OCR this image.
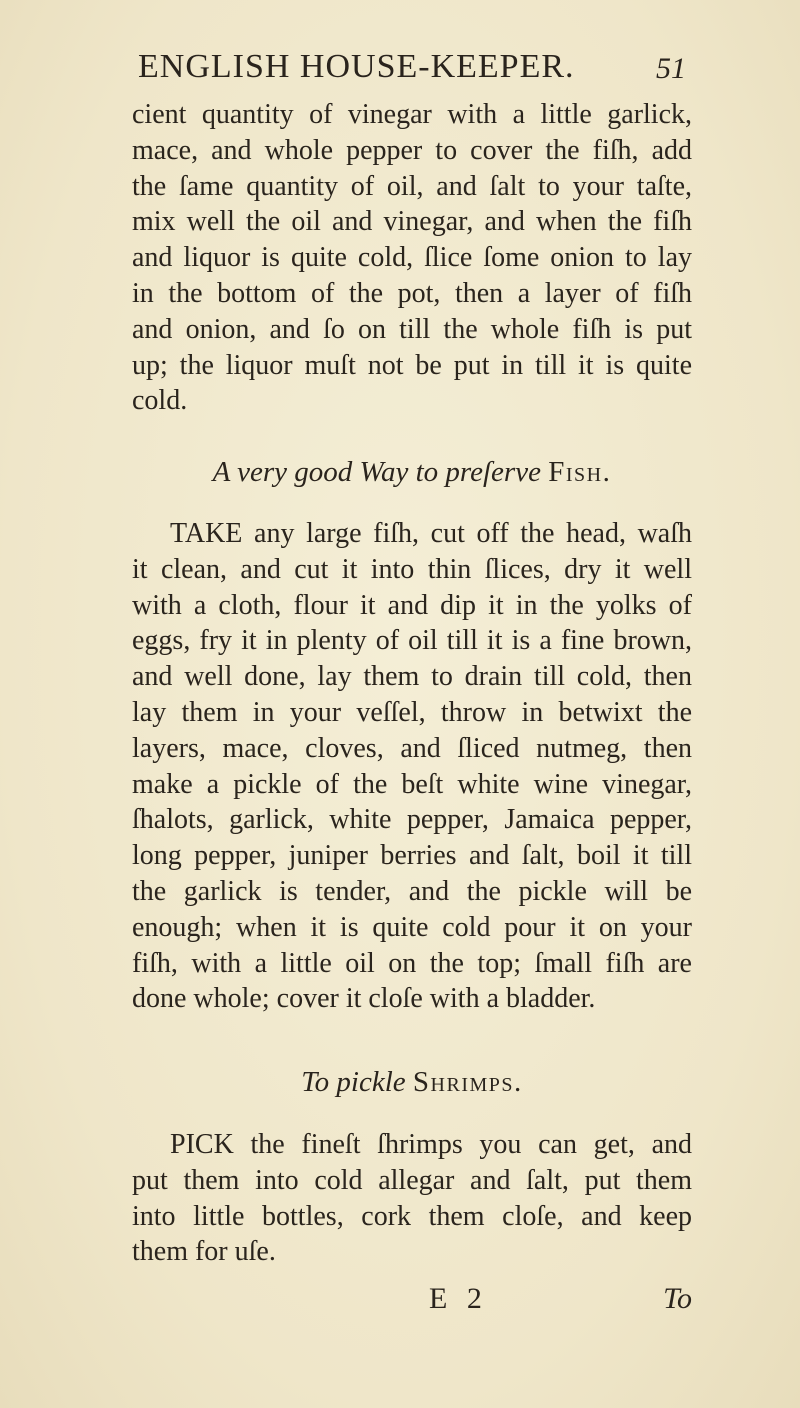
ENGLISH HOUSE-KEEPER.	51

cient quantity of vinegar with a little garlick,
mace, and whole pepper to cover the fiſh, add
the ſame quantity of oil, and ſalt to your taſte,
mix well the oil and vinegar, and when the fiſh
and liquor is quite cold, ſlice ſome onion to lay
in the bottom of the pot, then a layer of fiſh
and onion, and ſo on till the whole fiſh is put
up; the liquor muſt not be put in till it is quite
cold.

A very good Way to preſerve Fish.

TAKE any large fiſh, cut off the head, waſh
it clean, and cut it into thin ſlices, dry it well
with a cloth, flour it and dip it in the yolks of
eggs, fry it in plenty of oil till it is a fine brown,
and well done, lay them to drain till cold, then
lay them in your veſſel, throw in betwixt the
layers, mace, cloves, and ſliced nutmeg, then
make a pickle of the beſt white wine vinegar,
ſhalots, garlick, white pepper, Jamaica pepper,
long pepper, juniper berries and ſalt, boil it till
the garlick is tender, and the pickle will be
enough; when it is quite cold pour it on your
fiſh, with a little oil on the top; ſmall fiſh are
done whole; cover it cloſe with a bladder.

To pickle Shrimps.

PICK the fineſt ſhrimps you can get, and
put them into cold allegar and ſalt, put them
into little bottles, cork them cloſe, and keep
them for uſe.

E 2	To
